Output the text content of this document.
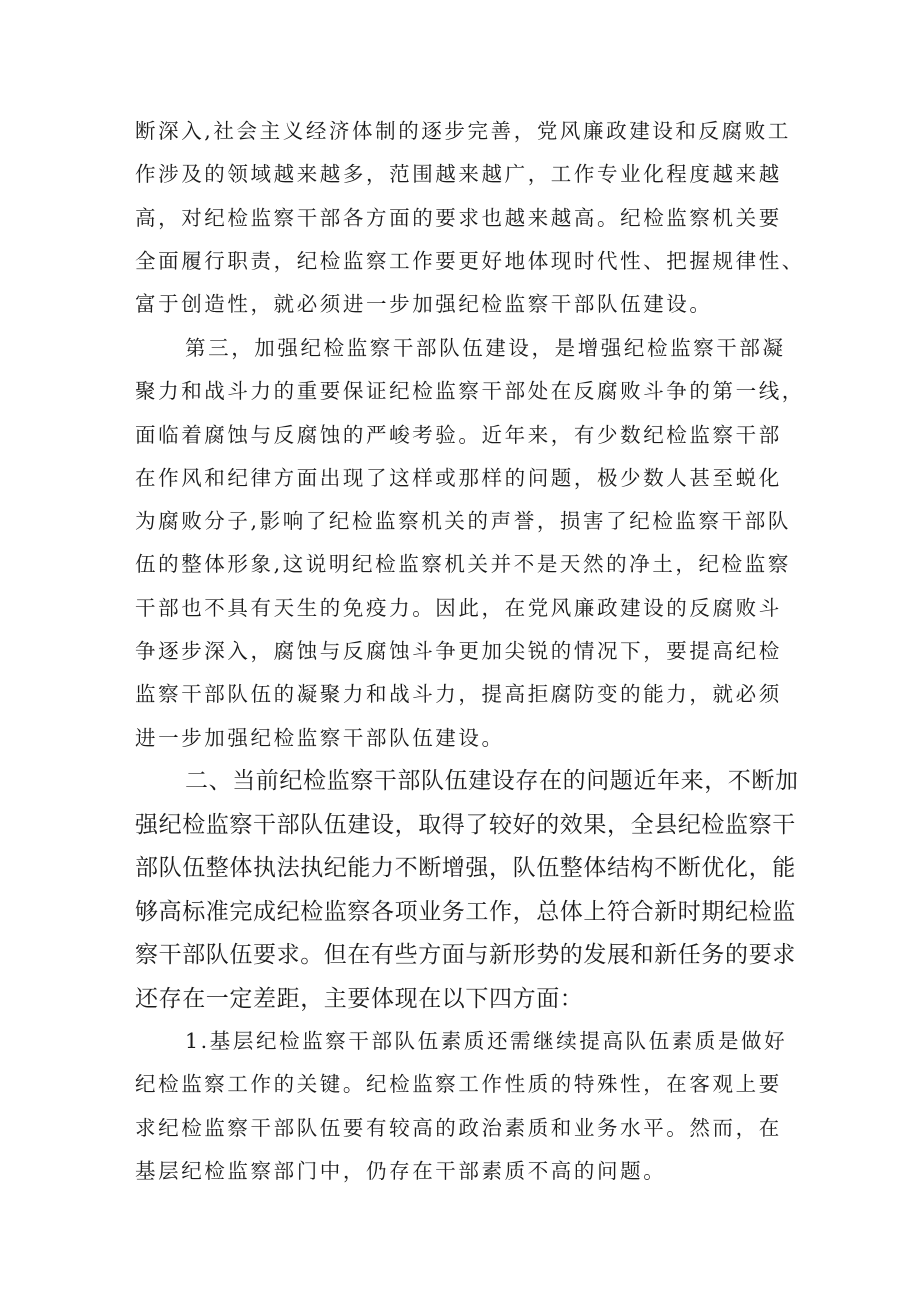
断深入,社会主义经济体制的逐步完善，党风廉政建设和反腐败工
作涉及的领域越来越多，范围越来越广，工作专业化程度越来越
高，对纪检监察干部各方面的要求也越来越高。纪检监察机关要
全面履行职责，纪检监察工作要更好地体现时代性、把握规律性、
富于创造性，就必须进一步加强纪检监察干部队伍建设。

第三，加强纪检监察干部队伍建设，是增强纪检监察干部凝
聚力和战斗力的重要保证纪检监察干部处在反腐败斗争的第一线，
面临着腐蚀与反腐蚀的严峻考验。近年来，有少数纪检监察干部
在作风和纪律方面出现了这样或那样的问题，极少数人甚至蜕化
为腐败分子,影响了纪检监察机关的声誉，损害了纪检监察干部队
伍的整体形象,这说明纪检监察机关并不是天然的净土，纪检监察
干部也不具有天生的免疫力。因此，在党风廉政建设的反腐败斗
争逐步深入，腐蚀与反腐蚀斗争更加尖锐的情况下，要提高纪检
监察干部队伍的凝聚力和战斗力，提高拒腐防变的能力，就必须
进一步加强纪检监察干部队伍建设。

二、当前纪检监察干部队伍建设存在的问题近年来，不断加
强纪检监察干部队伍建设，取得了较好的效果，全县纪检监察干
部队伍整体执法执纪能力不断增强，队伍整体结构不断优化，能
够高标准完成纪检监察各项业务工作，总体上符合新时期纪检监
察干部队伍要求。但在有些方面与新形势的发展和新任务的要求
还存在一定差距，主要体现在以下四方面：

1.基层纪检监察干部队伍素质还需继续提高队伍素质是做好
纪检监察工作的关键。纪检监察工作性质的特殊性，在客观上要
求纪检监察干部队伍要有较高的政治素质和业务水平。然而，在
基层纪检监察部门中，仍存在干部素质不高的问题。
